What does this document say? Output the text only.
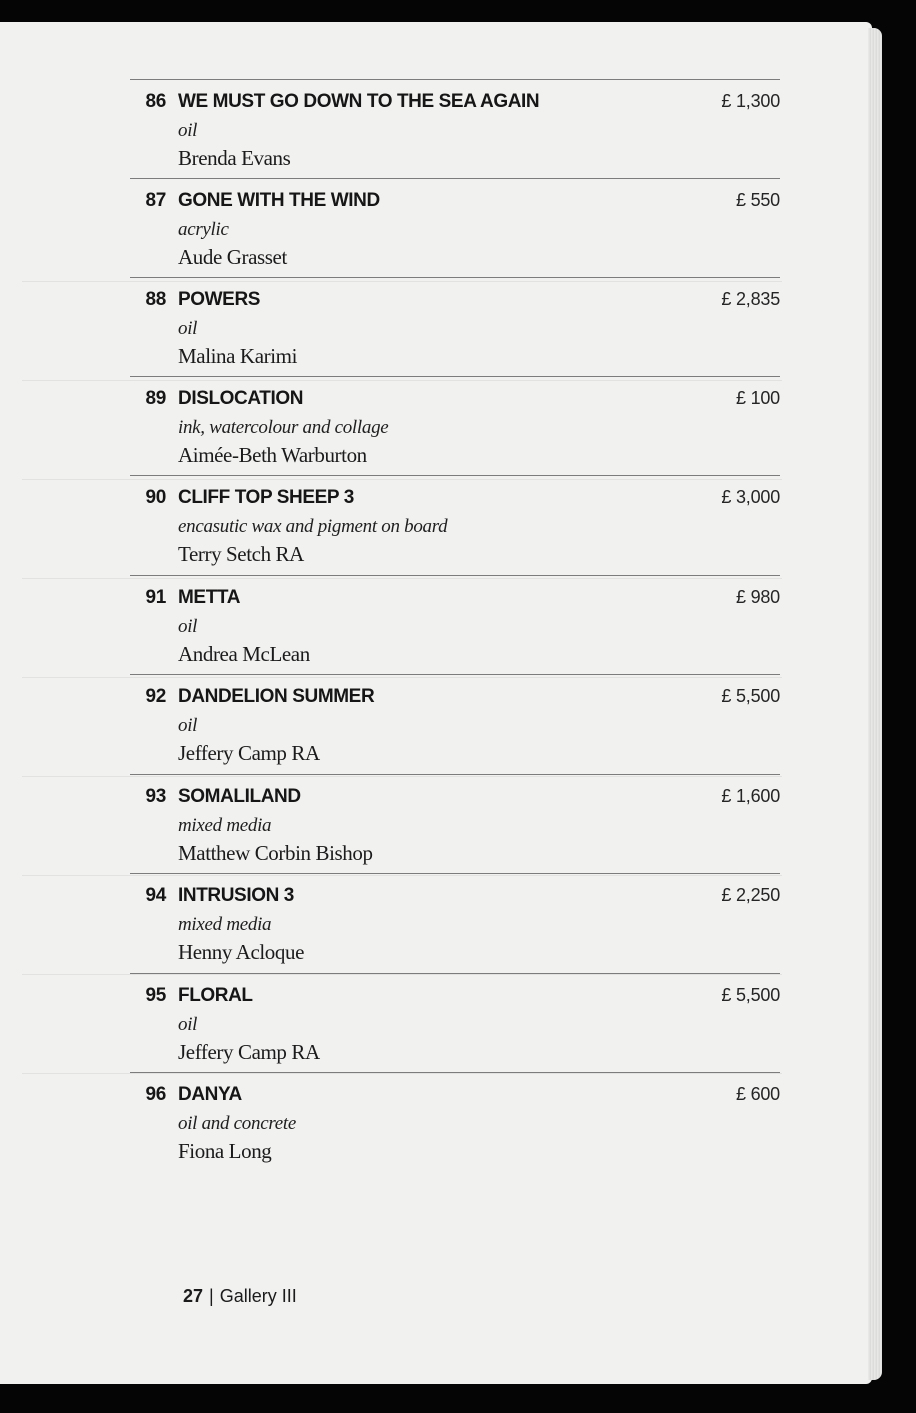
86 WE MUST GO DOWN TO THE SEA AGAIN	£ 1,300
oil
Brenda Evans
87 GONE WITH THE WIND	£ 550
acrylic
Aude Grasset
88 POWERS	£ 2,835
oil
Malina Karimi
89 DISLOCATION	£ 100
ink, watercolour and collage
Aimée-Beth Warburton
90 CLIFF TOP SHEEP 3	£ 3,000
encasutic wax and pigment on board
Terry Setch RA
91 METTA	£ 980
oil
Andrea McLean
92 DANDELION SUMMER	£ 5,500
oil
Jeffery Camp RA
93 SOMALILAND	£ 1,600
mixed media
Matthew Corbin Bishop
94 INTRUSION 3	£ 2,250
mixed media
Henny Acloque
95 FLORAL	£ 5,500
oil
Jeffery Camp RA
96 DANYA	£ 600
oil and concrete
Fiona Long
27 | Gallery III
